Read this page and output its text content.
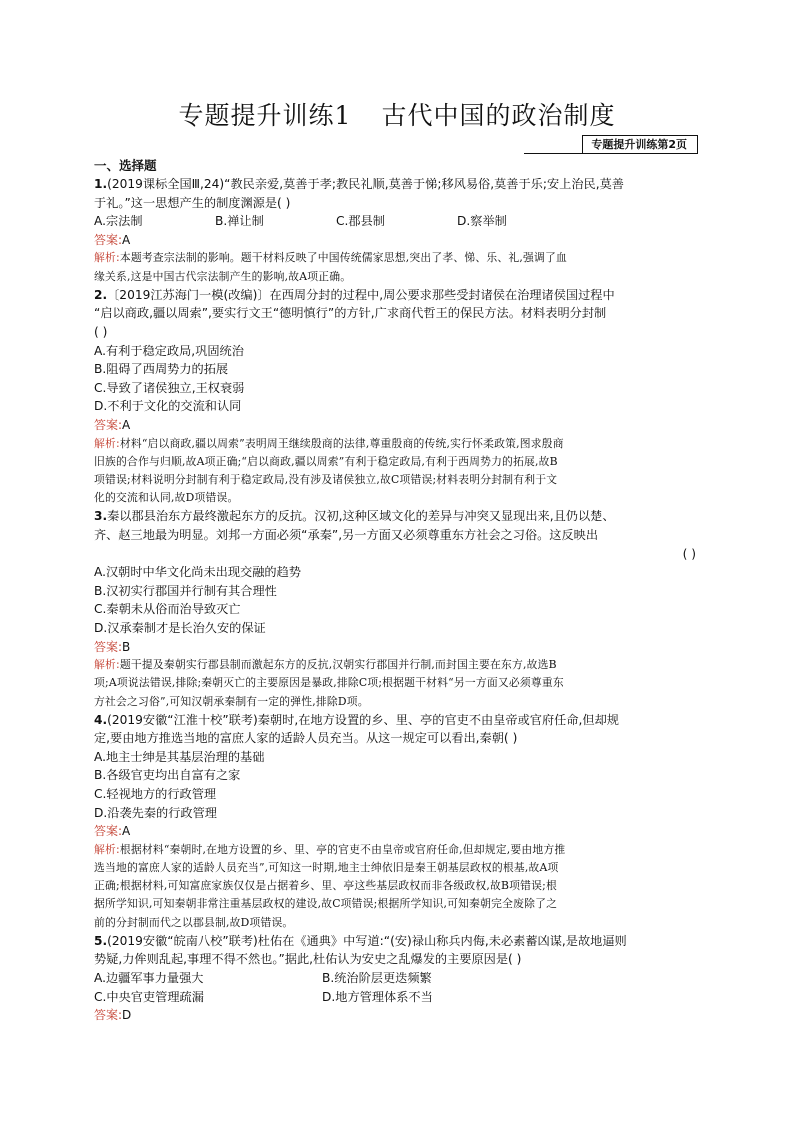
专题提升训练1 古代中国的政治制度
专题提升训练第2页
一、选择题
1.(2019课标全国Ⅲ,24)“教民亲爱,莫善于孝;教民礼顺,莫善于悌;移风易俗,莫善于乐;安上治民,莫善
于礼。”这一思想产生的制度渊源是( )
A.宗法制	B.禅让制	C.郡县制	D.察举制
答案:A
解析:本题考查宗法制的影响。题干材料反映了中国传统儒家思想,突出了孝、悌、乐、礼,强调了血
缘关系,这是中国古代宗法制产生的影响,故A项正确。
2.〔2019江苏海门一模(改编)〕在西周分封的过程中,周公要求那些受封诸侯在治理诸侯国过程中
“启以商政,疆以周索”,要实行文王“德明慎行”的方针,广求商代哲王的保民方法。材料表明分封制
( )
A.有利于稳定政局,巩固统治
B.阻碍了西周势力的拓展
C.导致了诸侯独立,王权衰弱
D.不利于文化的交流和认同
答案:A
解析:材料“启以商政,疆以周索”表明周王继续殷商的法律,尊重殷商的传统,实行怀柔政策,图求殷商
旧族的合作与归顺,故A项正确;“启以商政,疆以周索”有利于稳定政局,有利于西周势力的拓展,故B
项错误;材料说明分封制有利于稳定政局,没有涉及诸侯独立,故C项错误;材料表明分封制有利于文
化的交流和认同,故D项错误。
3.秦以郡县治东方最终激起东方的反抗。汉初,这种区域文化的差异与冲突又显现出来,且仍以楚、
齐、赵三地最为明显。刘邦一方面必须“承秦”,另一方面又必须尊重东方社会之习俗。这反映出
( )
A.汉朝时中华文化尚未出现交融的趋势
B.汉初实行郡国并行制有其合理性
C.秦朝未从俗而治导致灭亡
D.汉承秦制才是长治久安的保证
答案:B
解析:题干提及秦朝实行郡县制而激起东方的反抗,汉朝实行郡国并行制,而封国主要在东方,故选B
项;A项说法错误,排除;秦朝灭亡的主要原因是暴政,排除C项;根据题干材料“另一方面又必须尊重东
方社会之习俗”,可知汉朝承秦制有一定的弹性,排除D项。
4.(2019安徽“江淮十校”联考)秦朝时,在地方设置的乡、里、亭的官吏不由皇帝或官府任命,但却规
定,要由地方推选当地的富庶人家的适龄人员充当。从这一规定可以看出,秦朝( )
A.地主士绅是其基层治理的基础
B.各级官吏均出自富有之家
C.轻视地方的行政管理
D.沿袭先秦的行政管理
答案:A
解析:根据材料“秦朝时,在地方设置的乡、里、亭的官吏不由皇帝或官府任命,但却规定,要由地方推
选当地的富庶人家的适龄人员充当”,可知这一时期,地主士绅依旧是秦王朝基层政权的根基,故A项
正确;根据材料,可知富庶家族仅仅是占据着乡、里、亭这些基层政权而非各级政权,故B项错误;根
据所学知识,可知秦朝非常注重基层政权的建设,故C项错误;根据所学知识,可知秦朝完全废除了之
前的分封制而代之以郡县制,故D项错误。
5.(2019安徽“皖南八校”联考)杜佑在《通典》中写道:“(安)禄山称兵内侮,未必素蓄凶谋,是故地逼则
势疑,力侔则乱起,事理不得不然也。”据此,杜佑认为安史之乱爆发的主要原因是( )
A.边疆军事力量强大	B.统治阶层更迭频繁
C.中央官吏管理疏漏	D.地方管理体系不当
答案:D
